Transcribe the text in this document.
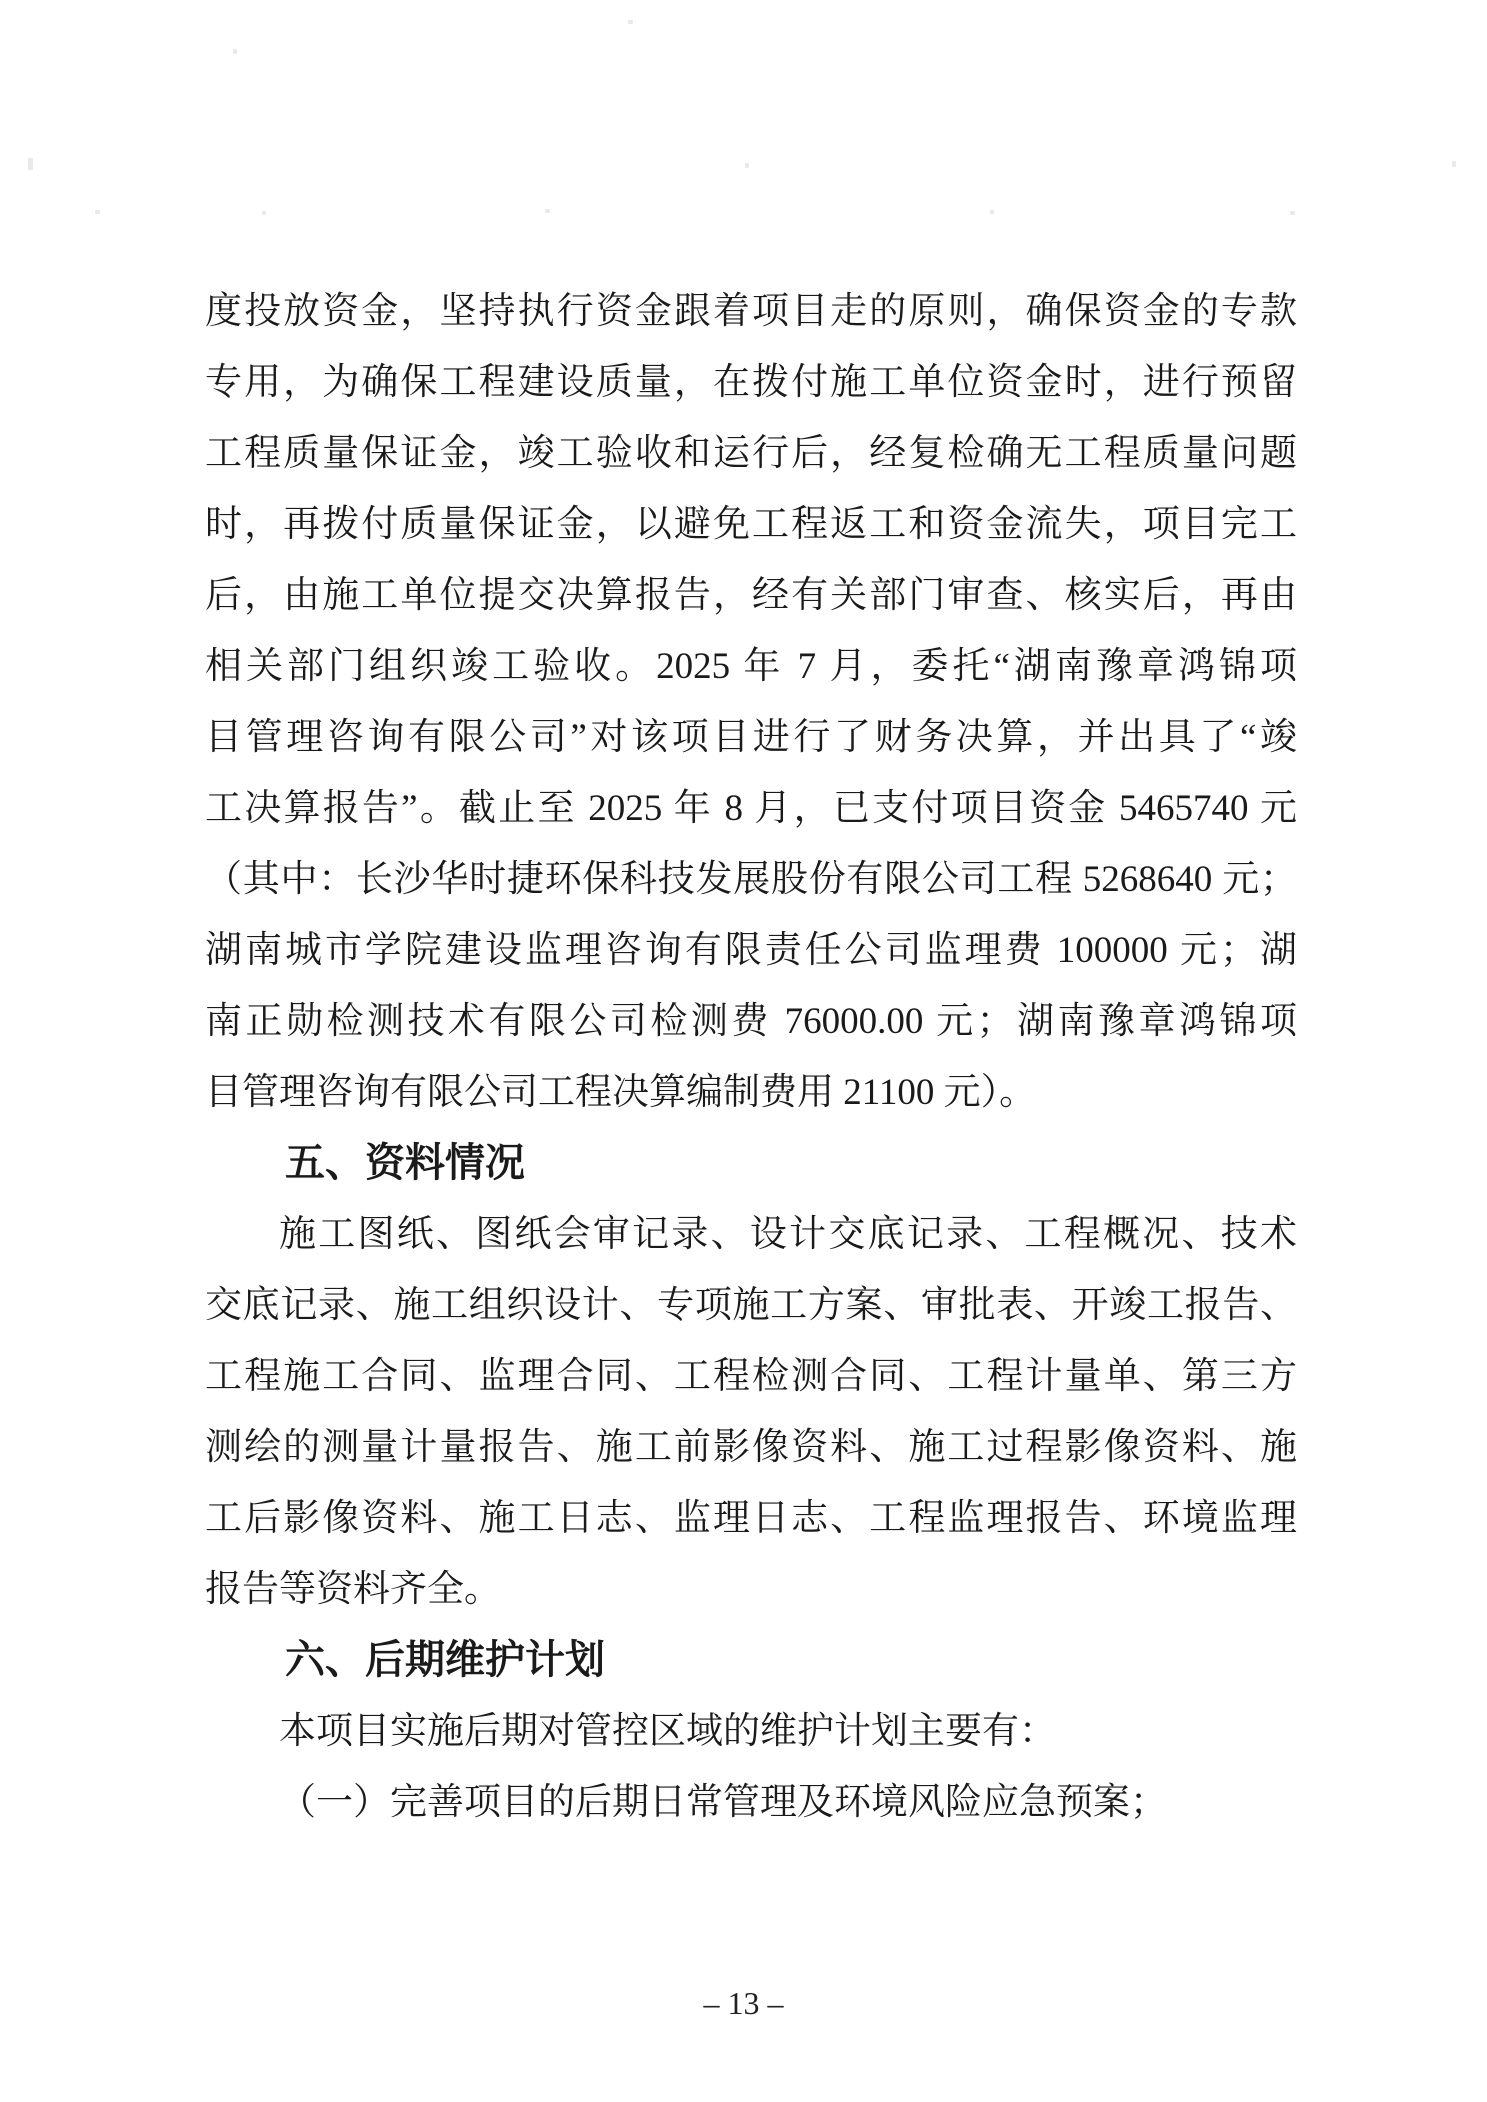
度投放资金，坚持执行资金跟着项目走的原则，确保资金的专款
专用，为确保工程建设质量，在拨付施工单位资金时，进行预留
工程质量保证金，竣工验收和运行后，经复检确无工程质量问题
时，再拨付质量保证金，以避免工程返工和资金流失，项目完工
后，由施工单位提交决算报告，经有关部门审查、核实后，再由
相关部门组织竣工验收。2025 年 7 月，委托“湖南豫章鸿锦项
目管理咨询有限公司”对该项目进行了财务决算，并出具了“竣
工决算报告”。截止至 2025 年 8 月，已支付项目资金 5465740 元
（其中：长沙华时捷环保科技发展股份有限公司工程 5268640 元；
湖南城市学院建设监理咨询有限责任公司监理费 100000 元；湖
南正勋检测技术有限公司检测费 76000.00 元；湖南豫章鸿锦项
目管理咨询有限公司工程决算编制费用 21100 元）。
五、资料情况
施工图纸、图纸会审记录、设计交底记录、工程概况、技术
交底记录、施工组织设计、专项施工方案、审批表、开竣工报告、
工程施工合同、监理合同、工程检测合同、工程计量单、第三方
测绘的测量计量报告、施工前影像资料、施工过程影像资料、施
工后影像资料、施工日志、监理日志、工程监理报告、环境监理
报告等资料齐全。
六、后期维护计划
本项目实施后期对管控区域的维护计划主要有：
（一）完善项目的后期日常管理及环境风险应急预案；
– 13 –
